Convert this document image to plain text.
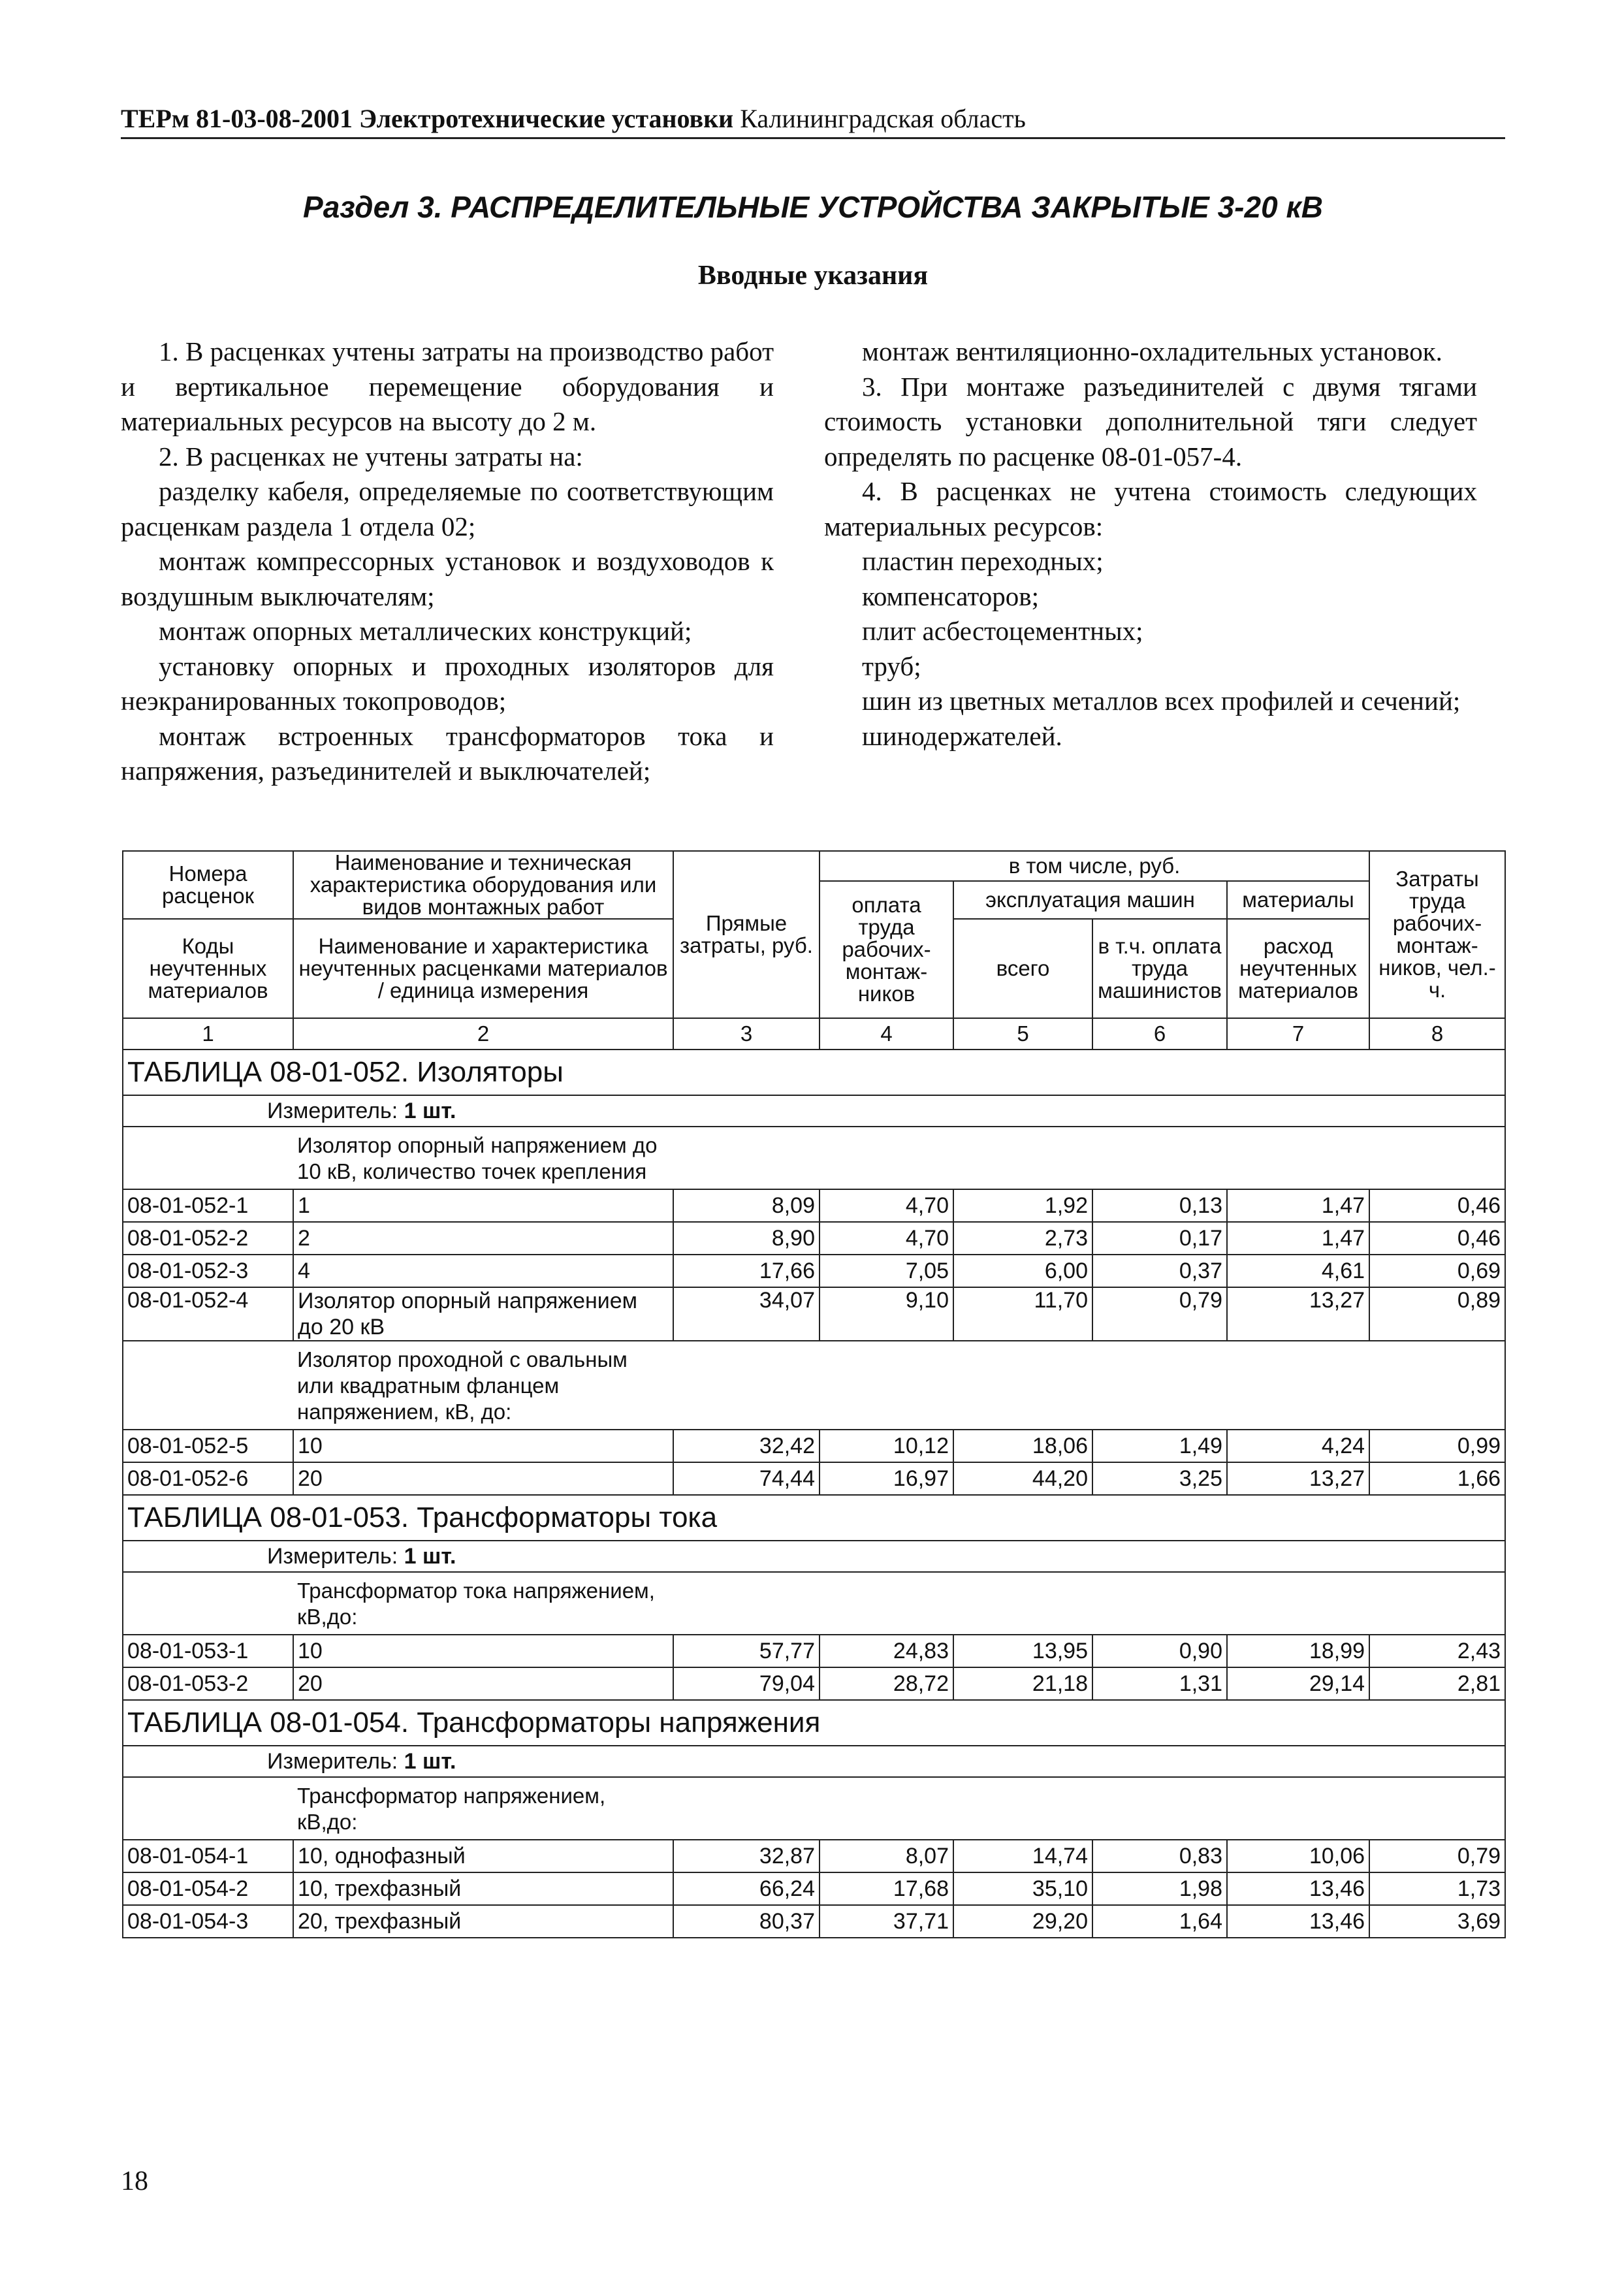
ТЕРм 81-03-08-2001 Электротехнические установки Калининградская область
Раздел 3. РАСПРЕДЕЛИТЕЛЬНЫЕ УСТРОЙСТВА ЗАКРЫТЫЕ 3-20 кВ
Вводные указания

1. В расценках учтены затраты на производство работ и вертикальное перемещение оборудования и материальных ресурсов на высоту до 2 м.

2. В расценках не учтены затраты на:

разделку кабеля, определяемые по соответствующим расценкам раздела 1 отдела 02;

монтаж компрессорных установок и воздуховодов к воздушным выключателям;

монтаж опорных металлических конструкций;

установку опорных и проходных изоляторов для неэкранированных токопроводов;

монтаж встроенных трансформаторов тока и напряжения, разъединителей и выключателей;

монтаж вентиляционно-охладительных установок.

3. При монтаже разъединителей с двумя тягами стоимость установки дополнительной тяги следует определять по расценке 08-01-057-4.

4. В расценках не учтена стоимость следующих материальных ресурсов:

пластин переходных;

компенсаторов;

плит асбестоцементных;

труб;

шин из цветных металлов всех профилей и сечений;

шинодержателей.

Номера расценок	Наименование и техническая характеристика оборудования или видов монтажных работ	Прямые затраты, руб.	в том числе, руб.				Затраты труда рабочих-монтаж-ников, чел.-ч.
			оплата труда рабочих-монтаж-ников	эксплуатация машин		материалы	
Коды неучтенных материалов	Наименование и характеристика неучтенных расценками материалов / единица измерения			всего	в т.ч. оплата труда машинистов	расход неучтенных материалов	
1	2	3	4	5	6	7	8
ТАБЛИЦА 08-01-052. Изоляторы							
Измеритель: 1 шт.							

	Изолятор опорный напряжением до 10 кВ, количество точек крепления						

08-01-052-1	1	8,09	4,70	1,92	0,13	1,47	0,46
08-01-052-2	2	8,90	4,70	2,73	0,17	1,47	0,46
08-01-052-3	4	17,66	7,05	6,00	0,37	4,61	0,69
08-01-052-4	Изолятор опорный напряжением до 20 кВ	34,07	9,10	11,70	0,79	13,27	0,89

	Изолятор проходной с овальным или квадратным фланцем напряжением, кВ, до:						

08-01-052-5	10	32,42	10,12	18,06	1,49	4,24	0,99
08-01-052-6	20	74,44	16,97	44,20	3,25	13,27	1,66
ТАБЛИЦА 08-01-053. Трансформаторы тока							
Измеритель: 1 шт.							

	Трансформатор тока напряжением, кВ,до:						

08-01-053-1	10	57,77	24,83	13,95	0,90	18,99	2,43
08-01-053-2	20	79,04	28,72	21,18	1,31	29,14	2,81
ТАБЛИЦА 08-01-054. Трансформаторы напряжения							
Измеритель: 1 шт.							

	Трансформатор напряжением, кВ,до:						

08-01-054-1	10, однофазный	32,87	8,07	14,74	0,83	10,06	0,79
08-01-054-2	10, трехфазный	66,24	17,68	35,10	1,98	13,46	1,73
08-01-054-3	20, трехфазный	80,37	37,71	29,20	1,64	13,46	3,69
18
